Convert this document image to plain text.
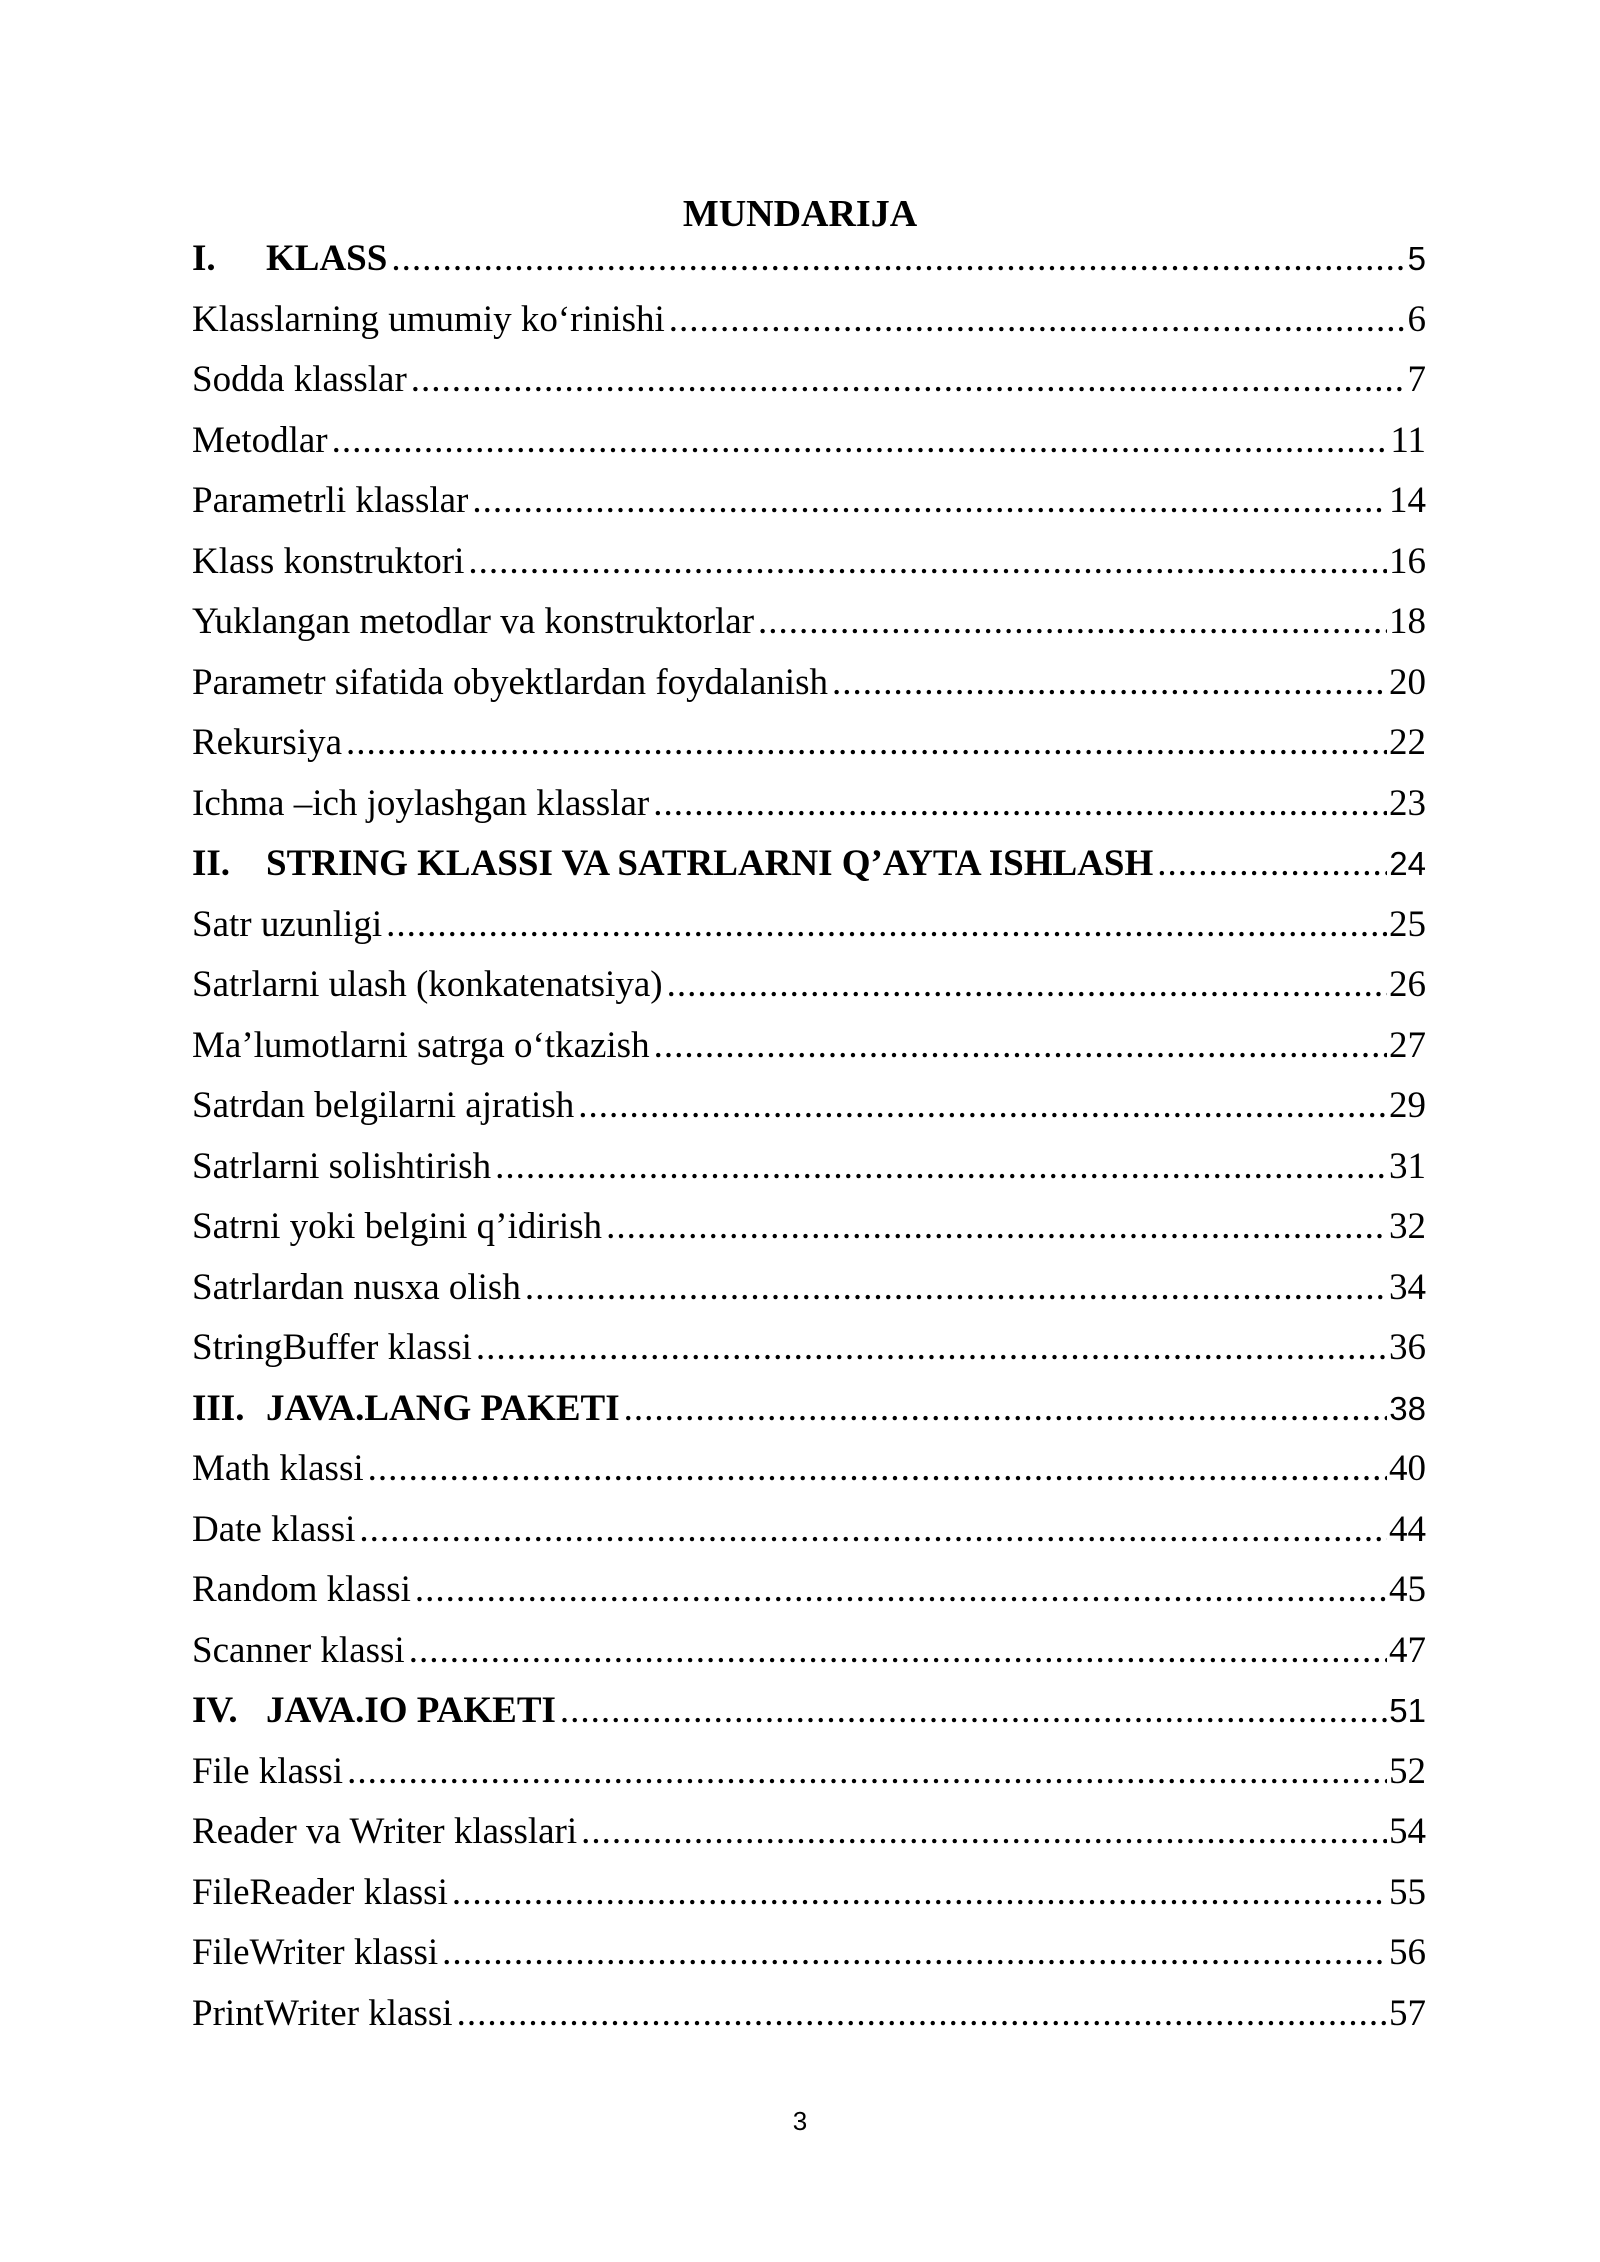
MUNDARIJA
I.	KLASS .....	5
Klasslarning umumiy ko‘rinishi .....	6
Sodda klasslar .....	7
Metodlar .....	11
Parametrli klasslar .....	14
Klass konstruktori .....	16
Yuklangan metodlar va konstruktorlar .....	18
Parametr sifatida obyektlardan foydalanish .....	20
Rekursiya .....	22
Ichma ‒ich joylashgan klasslar .....	23
II. STRING KLASSI VA SATRLARNI Q’AYTA ISHLASH .....	24
Satr uzunligi .....	25
Satrlarni ulash (konkatenatsiya) .....	26
Ma’lumotlarni satrga o‘tkazish .....	27
Satrdan belgilarni ajratish .....	29
Satrlarni solishtirish .....	31
Satrni yoki belgini q’idirish .....	32
Satrlardan nusxa olish .....	34
StringBuffer klassi .....	36
III. JAVA.LANG PAKETI .....	38
Math klassi .....	40
Date klassi .....	44
Random klassi .....	45
Scanner klassi .....	47
IV. JAVA.IO PAKETI .....	51
File klassi .....	52
Reader va Writer klasslari .....	54
FileReader klassi .....	55
FileWriter klassi .....	56
PrintWriter klassi .....	57
3
